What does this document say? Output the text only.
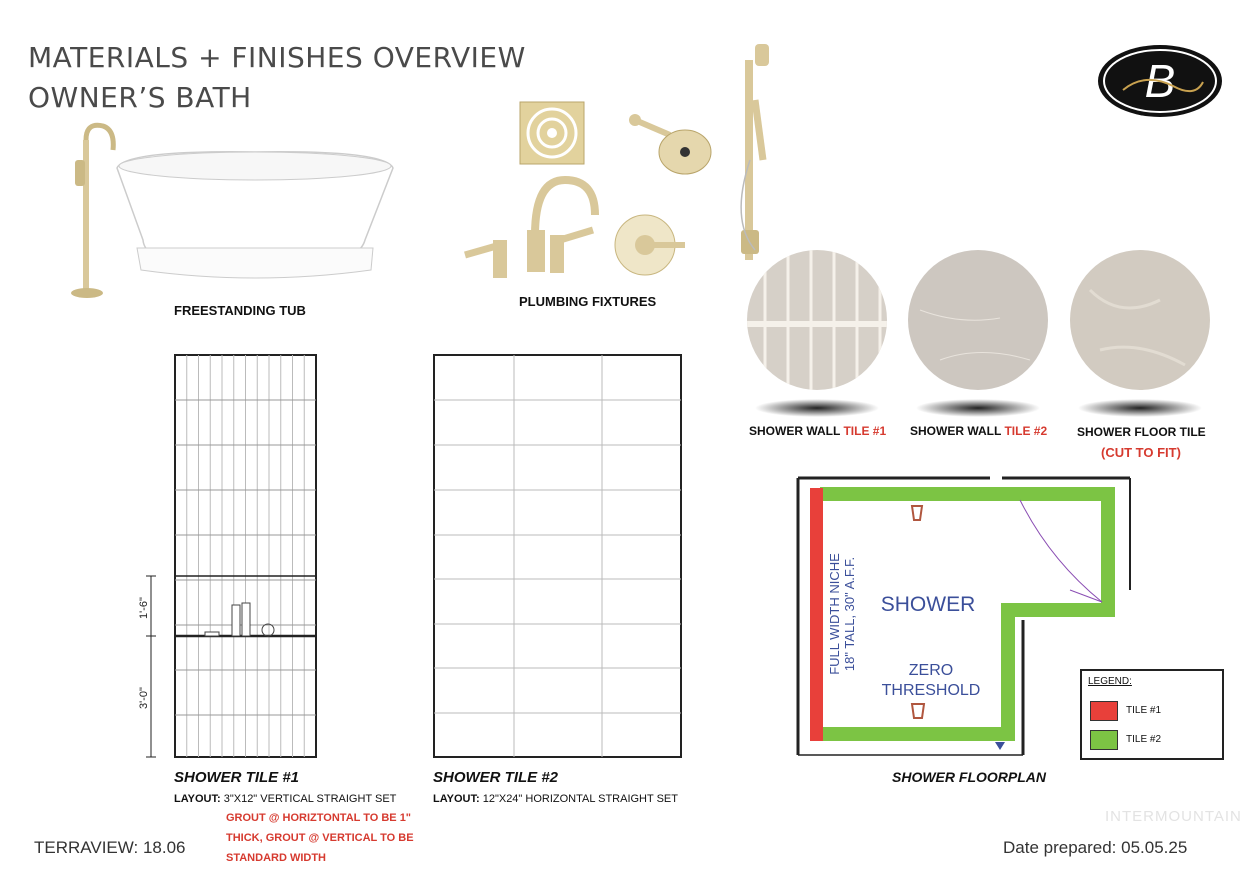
MATERIALS + FINISHES OVERVIEW
OWNER’S BATH	B
FREESTANDING TUB
PLUMBING FIXTURES
SHOWER WALL TILE #1 SHOWER WALL TILE #2 SHOWER FLOOR TILE
(CUT TO FIT)
1'-6"
3'-0"
SHOWER TILE #1
LAYOUT: 3"X12" VERTICAL STRAIGHT SET
GROUT @ HORIZTONTAL TO BE 1"
THICK, GROUT @ VERTICAL TO BE
STANDARD WIDTH
SHOWER TILE #2
LAYOUT: 12"X24" HORIZONTAL STRAIGHT SET
SHOWER
ZERO
THRESHOLD
FULL WIDTH NICHE 18" TALL, 30" A.F.F.
SHOWER FLOORPLAN
LEGEND:
TILE #1
TILE #2
TERRAVIEW: 18.06	Date prepared: 05.05.25
INTERMOUNTAIN
